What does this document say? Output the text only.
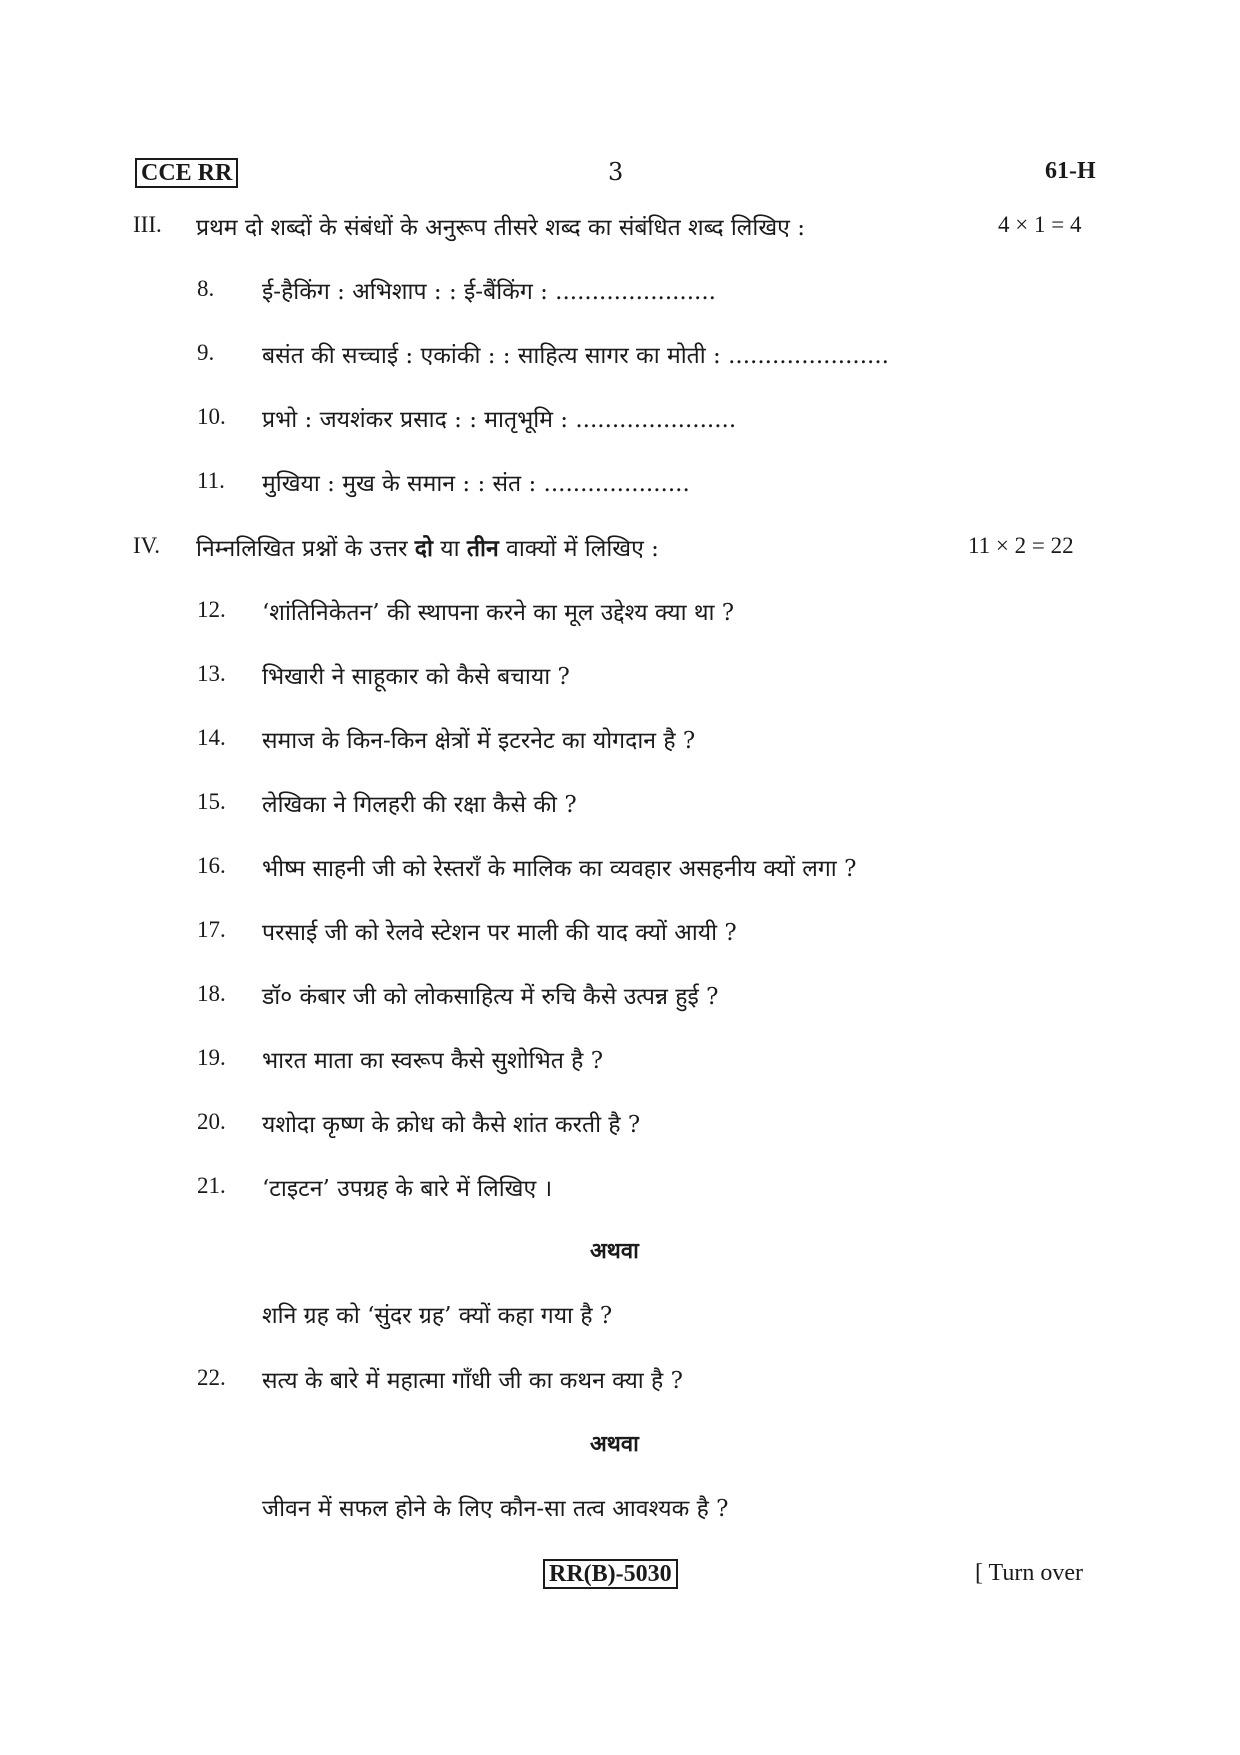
CCE RR	3	61-H
III. प्रथम दो शब्दों के संबंधों के अनुरूप तीसरे शब्द का संबंधित शब्द लिखिए :	4 × 1 = 4
8. ई-हैकिंग : अभिशाप : : ई-बैंकिंग : ......................
9. बसंत की सच्चाई : एकांकी : : साहित्य सागर का मोती : ......................
10. प्रभो : जयशंकर प्रसाद : : मातृभूमि : ......................
11. मुखिया : मुख के समान : : संत : ....................
IV. निम्नलिखित प्रश्नों के उत्तर दो या तीन वाक्यों में लिखिए :	11 × 2 = 22
12. ‘शांतिनिकेतन’ की स्थापना करने का मूल उद्देश्य क्या था ?
13. भिखारी ने साहूकार को कैसे बचाया ?
14. समाज के किन-किन क्षेत्रों में इटरनेट का योगदान है ?
15. लेखिका ने गिलहरी की रक्षा कैसे की ?
16. भीष्म साहनी जी को रेस्तराँ के मालिक का व्यवहार असहनीय क्यों लगा ?
17. परसाई जी को रेलवे स्टेशन पर माली की याद क्यों आयी ?
18. डॉ० कंबार जी को लोकसाहित्य में रुचि कैसे उत्पन्न हुई ?
19. भारत माता का स्वरूप कैसे सुशोभित है ?
20. यशोदा कृष्ण के क्रोध को कैसे शांत करती है ?
21. ‘टाइटन’ उपग्रह के बारे में लिखिए ।
अथवा
शनि ग्रह को ‘सुंदर ग्रह’ क्यों कहा गया है ?
22. सत्य के बारे में महात्मा गाँधी जी का कथन क्या है ?
अथवा
जीवन में सफल होने के लिए कौन-सा तत्व आवश्यक है ?
RR(B)-5030	[ Turn over
